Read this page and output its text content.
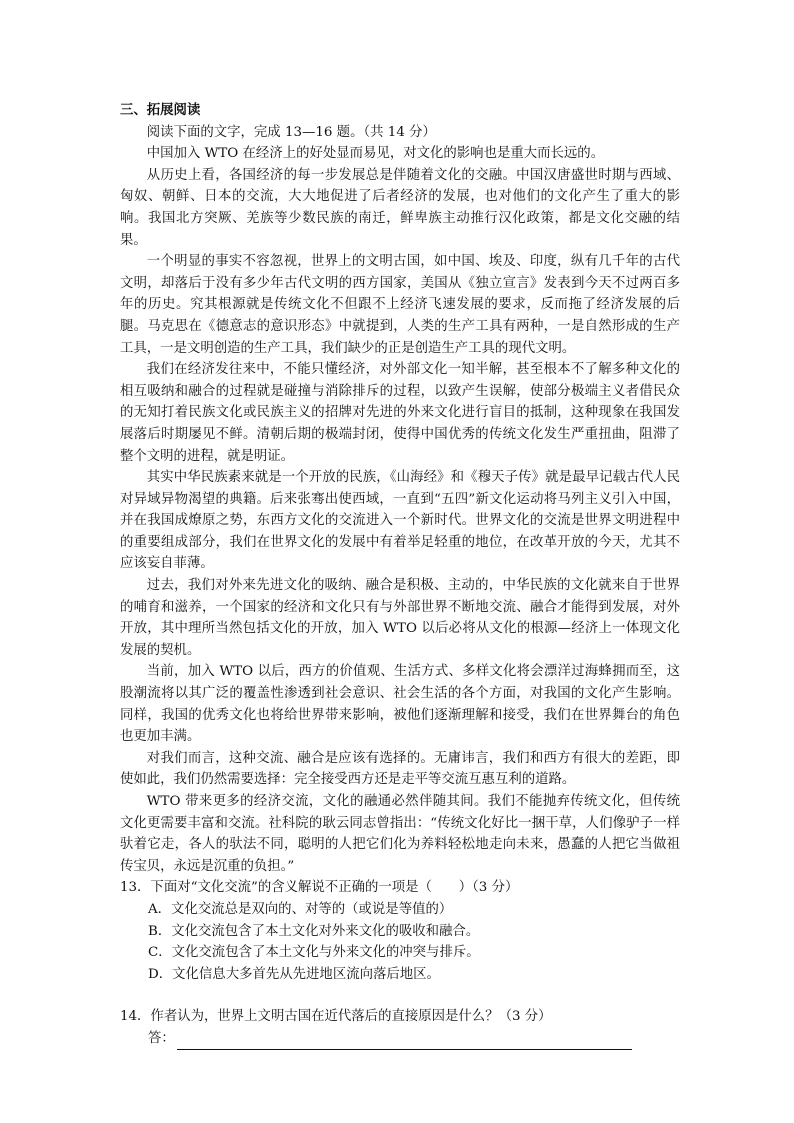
三、拓展阅读

阅读下面的文字，完成 13—16 题。（共 14 分）

中国加入 WTO 在经济上的好处显而易见，对文化的影响也是重大而长远的。

从历史上看，各国经济的每一步发展总是伴随着文化的交融。中国汉唐盛世时期与西域、匈奴、朝鲜、日本的交流，大大地促进了后者经济的发展，也对他们的文化产生了重大的影响。我国北方突厥、羌族等少数民族的南迁，鲜卑族主动推行汉化政策，都是文化交融的结果。

一个明显的事实不容忽视，世界上的文明古国，如中国、埃及、印度，纵有几千年的古代文明，却落后于没有多少年古代文明的西方国家，美国从《独立宣言》发表到今天不过两百多年的历史。究其根源就是传统文化不但跟不上经济飞速发展的要求，反而拖了经济发展的后腿。马克思在《德意志的意识形态》中就提到，人类的生产工具有两种，一是自然形成的生产工具，一是文明创造的生产工具，我们缺少的正是创造生产工具的现代文明。

我们在经济发往来中，不能只懂经济，对外部文化一知半解，甚至根本不了解多种文化的相互吸纳和融合的过程就是碰撞与消除排斥的过程，以致产生误解，使部分极端主义者借民众的无知打着民族文化或民族主义的招牌对先进的外来文化进行盲目的抵制，这种现象在我国发展落后时期屡见不鲜。清朝后期的极端封闭，使得中国优秀的传统文化发生严重扭曲，阻滞了整个文明的进程，就是明证。

其实中华民族素来就是一个开放的民族，《山海经》和《穆天子传》就是最早记载古代人民对异域异物渴望的典籍。后来张骞出使西域，一直到“五四”新文化运动将马列主义引入中国，并在我国成燎原之势，东西方文化的交流进入一个新时代。世界文化的交流是世界文明进程中的重要组成部分，我们在世界文化的发展中有着举足轻重的地位，在改革开放的今天，尤其不应该妄自菲薄。

过去，我们对外来先进文化的吸纳、融合是积极、主动的，中华民族的文化就来自于世界的哺育和滋养，一个国家的经济和文化只有与外部世界不断地交流、融合才能得到发展，对外开放，其中理所当然包括文化的开放，加入 WTO 以后必将从文化的根源—经济上一体现文化发展的契机。

当前，加入 WTO 以后，西方的价值观、生活方式、多样文化将会漂洋过海蜂拥而至，这股潮流将以其广泛的覆盖性渗透到社会意识、社会生活的各个方面，对我国的文化产生影响。同样，我国的优秀文化也将给世界带来影响，被他们逐渐理解和接受，我们在世界舞台的角色也更加丰满。

对我们而言，这种交流、融合是应该有选择的。无庸讳言，我们和西方有很大的差距，即使如此，我们仍然需要选择：完全接受西方还是走平等交流互惠互利的道路。

WTO 带来更多的经济交流，文化的融通必然伴随其间。我们不能抛弃传统文化，但传统文化更需要丰富和交流。社科院的耿云同志曾指出：“传统文化好比一捆干草，人们像驴子一样驮着它走，各人的驮法不同，聪明的人把它们化为养料轻松地走向未来，愚蠢的人把它当做祖传宝贝，永远是沉重的负担。”

13．下面对“文化交流”的含义解说不正确的一项是（　　）（3 分）

A．文化交流总是双向的、对等的（或说是等值的）

B．文化交流包含了本土文化对外来文化的吸收和融合。

C．文化交流包含了本土文化与外来文化的冲突与排斥。

D．文化信息大多首先从先进地区流向落后地区。

14．作者认为，世界上文明古国在近代落后的直接原因是什么？（3 分）

答：
